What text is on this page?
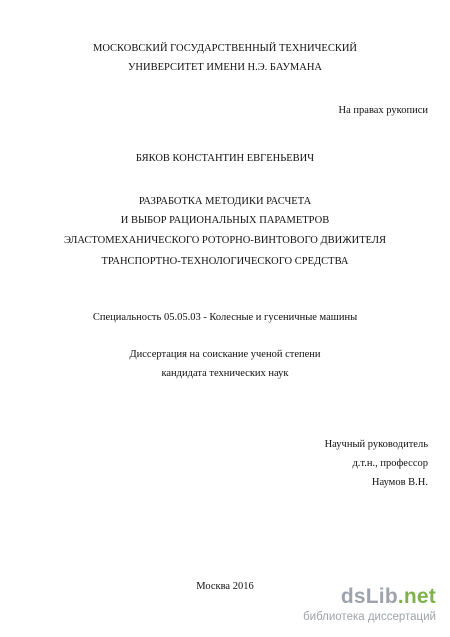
МОСКОВСКИЙ ГОСУДАРСТВЕННЫЙ ТЕХНИЧЕСКИЙ
УНИВЕРСИТЕТ ИМЕНИ Н.Э. БАУМАНА
На правах рукописи
БЯКОВ КОНСТАНТИН ЕВГЕНЬЕВИЧ
РАЗРАБОТКА МЕТОДИКИ РАСЧЕТА
И ВЫБОР РАЦИОНАЛЬНЫХ ПАРАМЕТРОВ
ЭЛАСТОМЕХАНИЧЕСКОГО РОТОРНО-ВИНТОВОГО ДВИЖИТЕЛЯ
ТРАНСПОРТНО-ТЕХНОЛОГИЧЕСКОГО СРЕДСТВА
Специальность 05.05.03 - Колесные и гусеничные машины
Диссертация на соискание ученой степени
кандидата технических наук
Научный руководитель
д.т.н., профессор
Наумов В.Н.
Москва 2016	dsLib.net
библиотека диссертаций
